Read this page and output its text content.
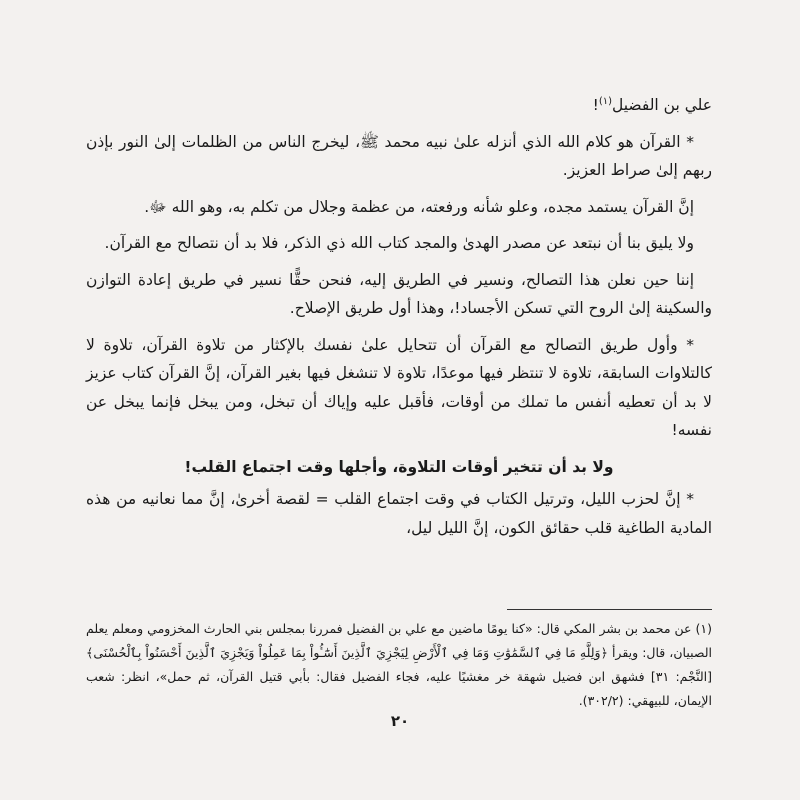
علي بن الفضيل$^{(١)}$!

* القرآن هو كلام الله الذي أنزله علىٰ نبيه محمد ﷺ، ليخرج الناس من الظلمات إلىٰ النور بإذن ربهم إلىٰ صراط العزيز.

إنَّ القرآن يستمد مجده، وعلو شأنه ورفعته، من عظمة وجلال من تكلم به، وهو الله ﷻ.

ولا يليق بنا أن نبتعد عن مصدر الهدىٰ والمجد كتاب الله ذي الذكر، فلا بد أن نتصالح مع القرآن.

إننا حين نعلن هذا التصالح، ونسير في الطريق إليه، فنحن حقًّا نسير في طريق إعادة التوازن والسكينة إلىٰ الروح التي تسكن الأجساد!، وهذا أول طريق الإصلاح.

* وأول طريق التصالح مع القرآن أن تتحايل علىٰ نفسك بالإكثار من تلاوة القرآن، تلاوة لا كالتلاوات السابقة، تلاوة لا تنتظر فيها موعدًا، تلاوة لا تنشغل فيها بغير القرآن، إنَّ القرآن كتاب عزيز لا بد أن تعطيه أنفس ما تملك من أوقات، فأقبل عليه وإياك أن تبخل، ومن يبخل فإنما يبخل عن نفسه!

ولا بد أن تتخير أوقات التلاوة، وأجلها وقت اجتماع القلب!

* إنَّ لحزب الليل، وترتيل الكتاب في وقت اجتماع القلب = لقصة أخرىٰ، إنَّ مما نعانيه من هذه المادية الطاغية قلب حقائق الكون، إنَّ الليل ليل،

(١) عن محمد بن بشر المكي قال: «كنا يومًا ماضين مع علي بن الفضيل فمررنا بمجلس بني الحارث المخزومي ومعلم يعلم الصبيان، قال: ويقرأ ﴿وَلِلَّهِ مَا فِي ٱلسَّمَٰوَٰتِ وَمَا فِي ٱلْأَرْضِ لِيَجْزِيَ ٱلَّذِينَ أَسَٰٓـُٔواْ بِمَا عَمِلُواْ وَيَجْزِيَ ٱلَّذِينَ أَحْسَنُواْ بِٱلْحُسْنَى﴾ [النَّجْم: ٣١] فشهق ابن فضيل شهقة خر مغشيًا عليه، فجاء الفضيل فقال: بأبي قتيل القرآن، ثم حمل»، انظر: شعب الإيمان، للبيهقي: (٣٠٢/٢).

٢٠
